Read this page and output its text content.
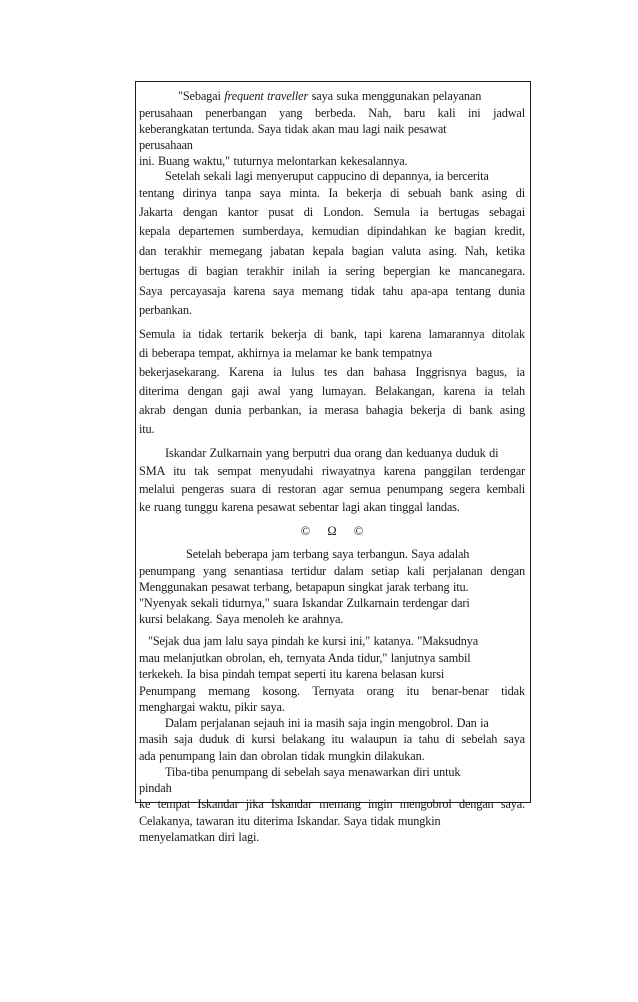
"Sebagai frequent traveller saya suka menggunakan pelayanan
perusahaan penerbangan yang berbeda. Nah, baru kali ini jadwal
keberangkatan tertunda. Saya tidak akan mau lagi naik pesawat
perusahaan
ini. Buang waktu," tuturnya melontarkan kekesalannya.
Setelah sekali lagi menyeruput cappucino di depannya, ia bercerita
tentang dirinya tanpa saya minta. Ia bekerja di sebuah bank asing di
Jakarta dengan kantor pusat di London. Semula ia bertugas sebagai
kepala departemen sumberdaya, kemudian dipindahkan ke bagian kredit,
dan terakhir memegang jabatan kepala bagian valuta asing. Nah, ketika
bertugas di bagian terakhir inilah ia sering bepergian ke mancanegara.
Saya percayasaja karena saya memang tidak tahu apa-apa tentang dunia
perbankan.
Semula ia tidak tertarik bekerja di bank, tapi karena lamarannya ditolak
di beberapa tempat, akhirnya ia melamar ke bank tempatnya
bekerjasekarang. Karena ia lulus tes dan bahasa Inggrisnya bagus, ia
diterima dengan gaji awal yang lumayan. Belakangan, karena ia telah
akrab dengan dunia perbankan, ia merasa bahagia bekerja di bank asing
itu.
Iskandar Zulkarnain yang berputri dua orang dan keduanya duduk di
SMA itu tak sempat menyudahi riwayatnya karena panggilan terdengar
melalui pengeras suara di restoran agar semua penumpang segera kembali
ke ruang tunggu karena pesawat sebentar lagi akan tinggal landas.
© Ω ©
Setelah beberapa jam terbang saya terbangun. Saya adalah
penumpang yang senantiasa tertidur dalam setiap kali perjalanan dengan
Menggunakan pesawat terbang, betapapun singkat jarak terbang itu.
"Nyenyak sekali tidurnya," suara Iskandar Zulkarnain terdengar dari
kursi belakang. Saya menoleh ke arahnya.
"Sejak dua jam lalu saya pindah ke kursi ini," katanya. "Maksudnya
mau melanjutkan obrolan, eh, ternyata Anda tidur," lanjutnya sambil
terkekeh. Ia bisa pindah tempat seperti itu karena belasan kursi
Penumpang memang kosong. Ternyata orang itu benar-benar tidak
menghargai waktu, pikir saya.
Dalam perjalanan sejauh ini ia masih saja ingin mengobrol. Dan ia
masih saja duduk di kursi belakang itu walaupun ia tahu di sebelah saya
ada penumpang lain dan obrolan tidak mungkin dilakukan.
Tiba-tiba penumpang di sebelah saya menawarkan diri untuk
pindah
ke tempat Iskandar jika Iskandar memang ingin mengobrol dengan saya.
Celakanya, tawaran itu diterima Iskandar. Saya tidak mungkin
menyelamatkan diri lagi.
